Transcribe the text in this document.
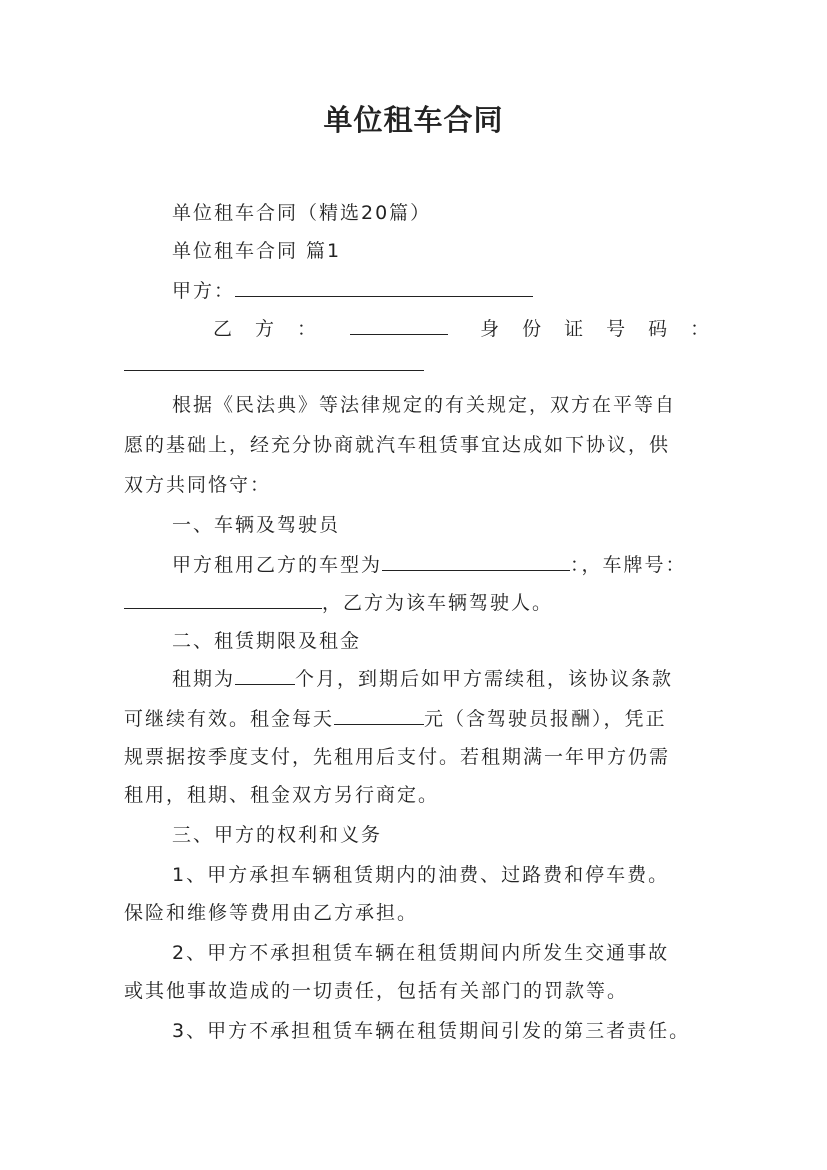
单位租车合同
单位租车合同（精选20篇）
单位租车合同 篇1
甲方：
乙　方　：	身　份　证　号　码　：
根据《民法典》等法律规定的有关规定，双方在平等自
愿的基础上，经充分协商就汽车租赁事宜达成如下协议，供
双方共同恪守：
一、车辆及驾驶员
甲方租用乙方的车型为	：，车牌号：
，乙方为该车辆驾驶人。
二、租赁期限及租金
租期为	个月，到期后如甲方需续租，该协议条款
可继续有效。租金每天	元（含驾驶员报酬），凭正
规票据按季度支付，先租用后支付。若租期满一年甲方仍需
租用，租期、租金双方另行商定。
三、甲方的权利和义务
1、甲方承担车辆租赁期内的油费、过路费和停车费。
保险和维修等费用由乙方承担。
2、甲方不承担租赁车辆在租赁期间内所发生交通事故
或其他事故造成的一切责任，包括有关部门的罚款等。
3、甲方不承担租赁车辆在租赁期间引发的第三者责任。
